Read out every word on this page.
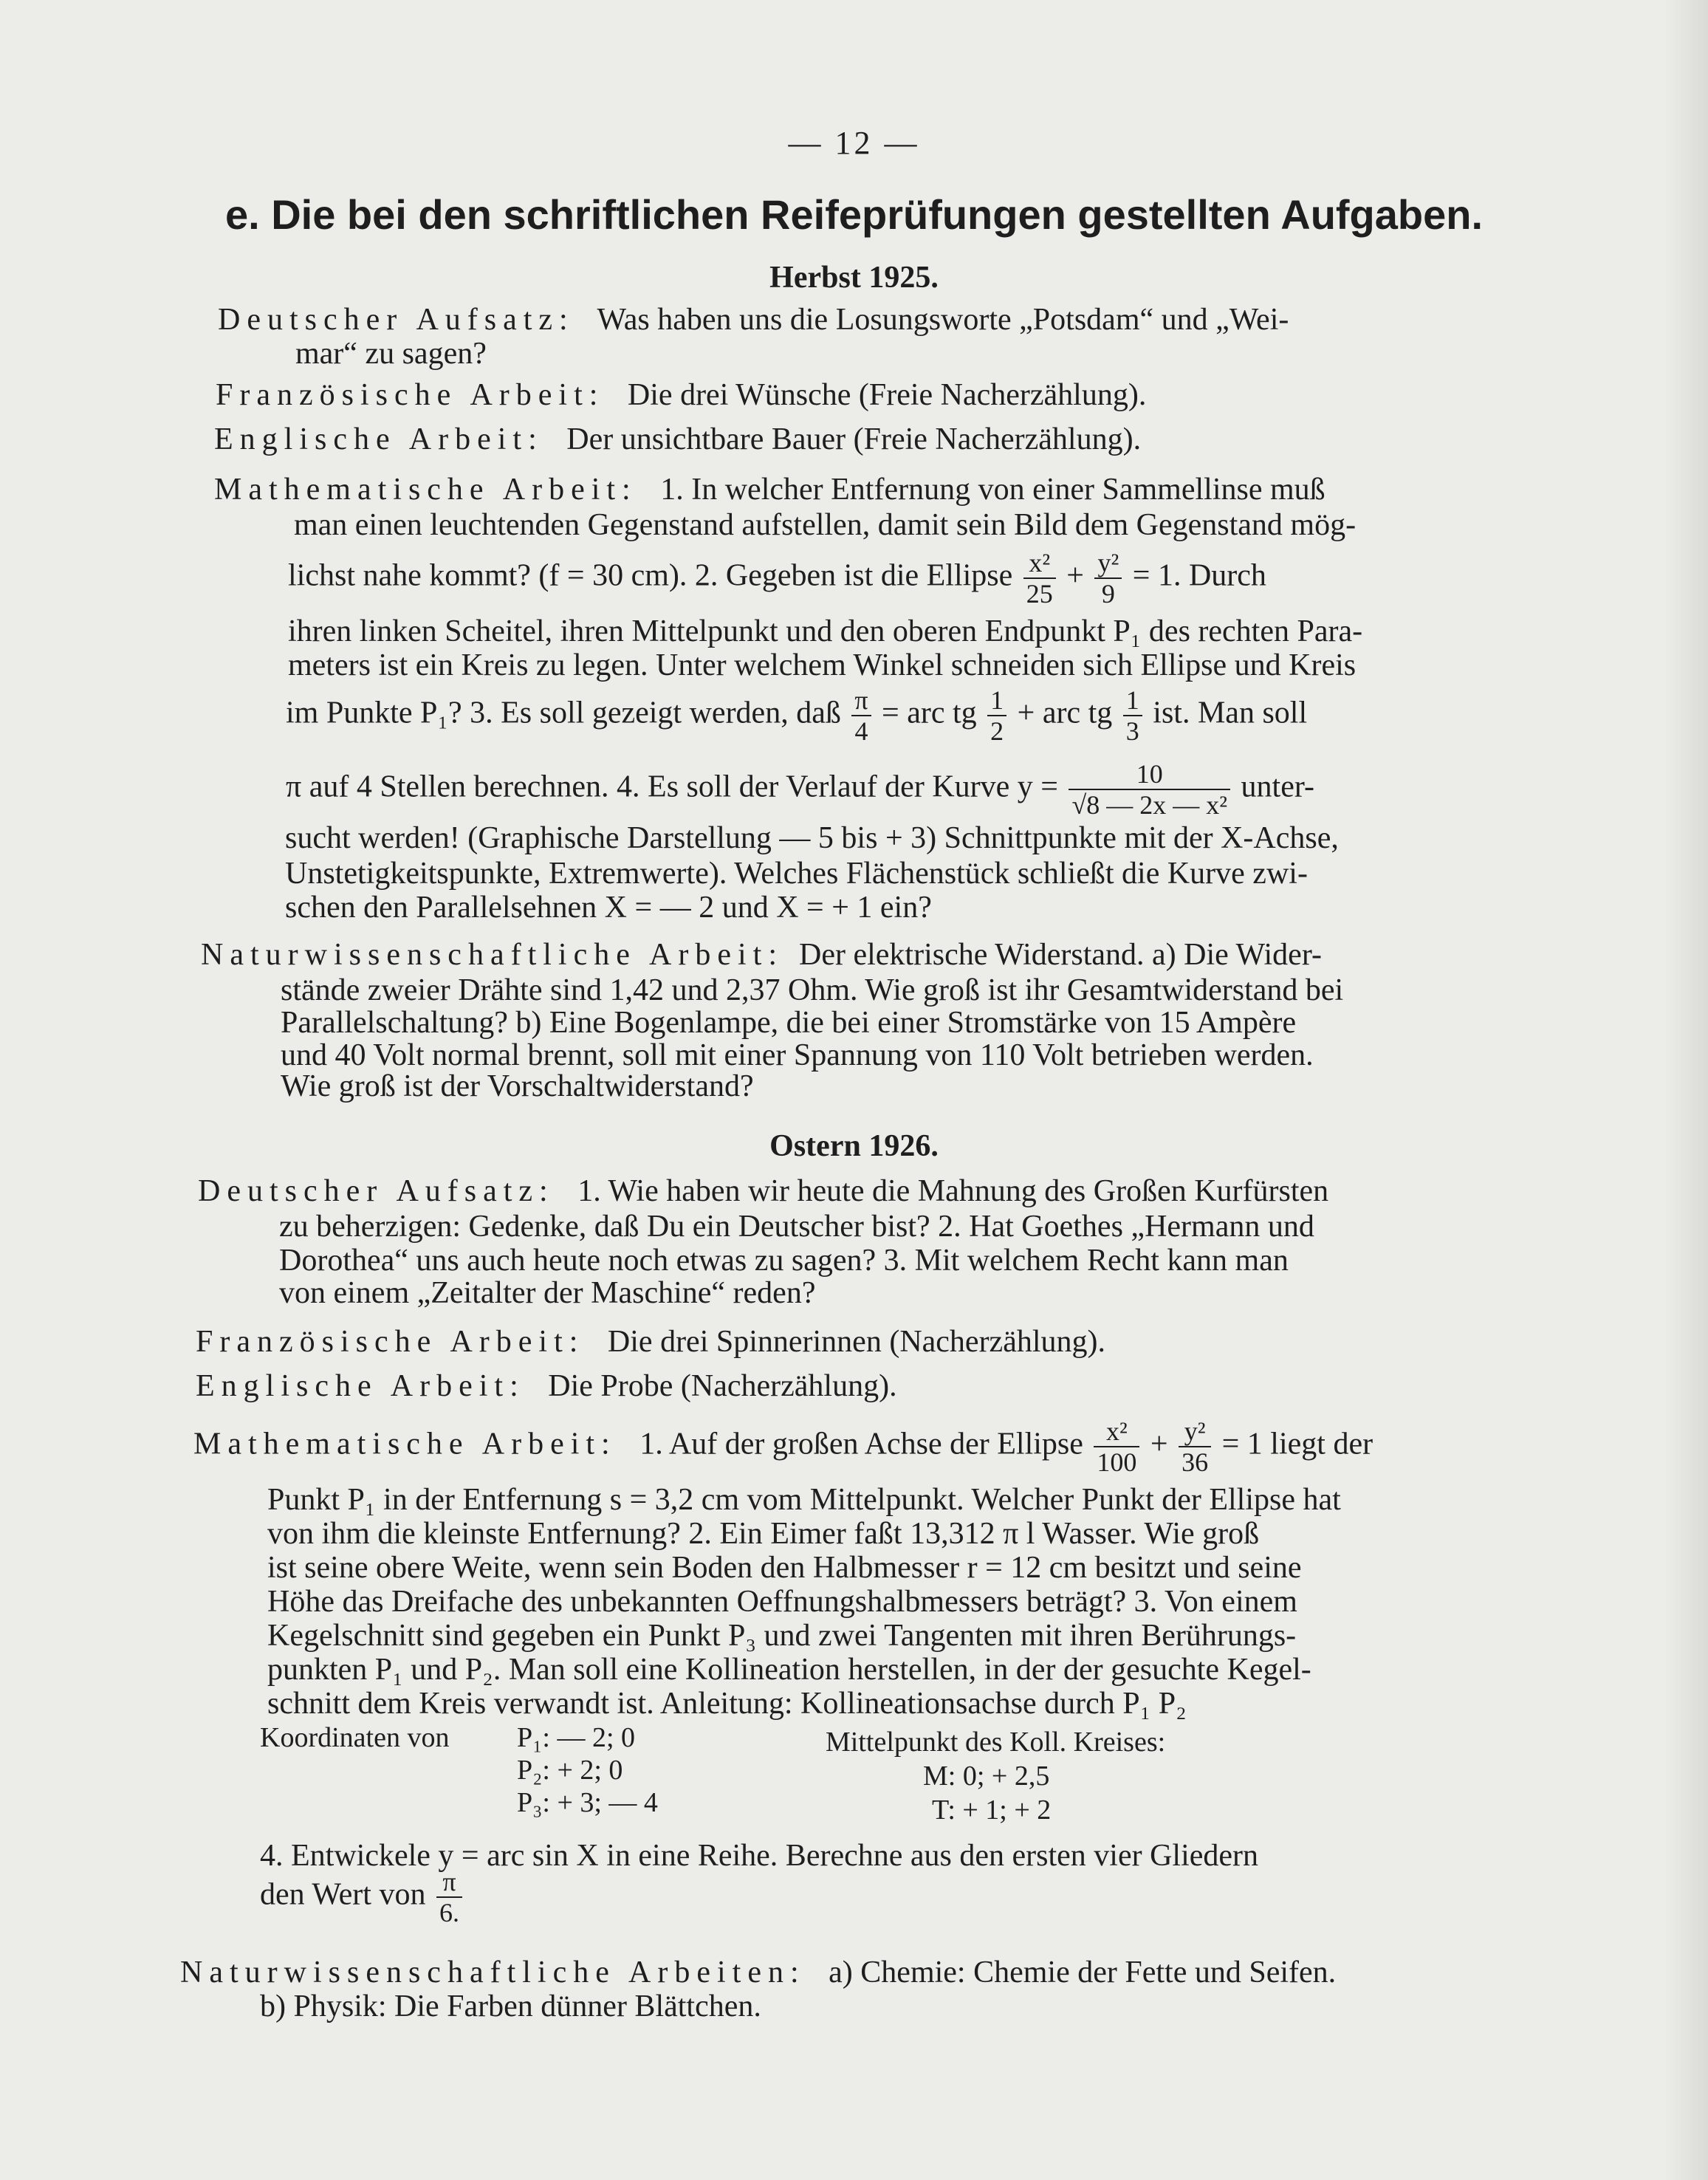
— 12 —
e. Die bei den schriftlichen Reifeprüfungen gestellten Aufgaben.
Herbst 1925.
Deutscher Aufsatz: Was haben uns die Losungsworte „Potsdam“ und „Wei-
mar“ zu sagen?
Französische Arbeit: Die drei Wünsche (Freie Nacherzählung).
Englische Arbeit: Der unsichtbare Bauer (Freie Nacherzählung).
Mathematische Arbeit: 1. In welcher Entfernung von einer Sammellinse muß
man einen leuchtenden Gegenstand aufstellen, damit sein Bild dem Gegenstand mög-
lichst nahe kommt? (f = 30 cm). 2. Gegeben ist die Ellipse $\frac{\text{x²}}{25} + \frac{\text{y²}}{9} = 1$. Durch
ihren linken Scheitel, ihren Mittelpunkt und den oberen Endpunkt P₁ des rechten Para-
meters ist ein Kreis zu legen. Unter welchem Winkel schneiden sich Ellipse und Kreis
im Punkte P₁? 3. Es soll gezeigt werden, daß $\frac{\pi}{4}$ = arc tg $\frac{1}{2}$ + arc tg $\frac{1}{3}$ ist. Man soll
π auf 4 Stellen berechnen. 4. Es soll der Verlauf der Kurve $y = \frac{10}{\text{√8 — 2x — x²}}$ unter-
sucht werden! (Graphische Darstellung — 5 bis + 3) Schnittpunkte mit der X-Achse,
Unstetigkeitspunkte, Extremwerte). Welches Flächenstück schließt die Kurve zwi-
schen den Parallelsehnen X = — 2 und X = + 1 ein?
Naturwissenschaftliche Arbeit: Der elektrische Widerstand. a) Die Wider-
stände zweier Drähte sind 1,42 und 2,37 Ohm. Wie groß ist ihr Gesamtwiderstand bei
Parallelschaltung? b) Eine Bogenlampe, die bei einer Stromstärke von 15 Ampère
und 40 Volt normal brennt, soll mit einer Spannung von 110 Volt betrieben werden.
Wie groß ist der Vorschaltwiderstand?
Ostern 1926.
Deutscher Aufsatz: 1. Wie haben wir heute die Mahnung des Großen Kurfürsten
zu beherzigen: Gedenke, daß Du ein Deutscher bist? 2. Hat Goethes „Hermann und
Dorothea“ uns auch heute noch etwas zu sagen? 3. Mit welchem Recht kann man
von einem „Zeitalter der Maschine“ reden?
Französische Arbeit: Die drei Spinnerinnen (Nacherzählung).
Englische Arbeit: Die Probe (Nacherzählung).
Mathematische Arbeit: 1. Auf der großen Achse der Ellipse $\frac{\text{x²}}{100} + \frac{\text{y²}}{36} = 1$ liegt der
Punkt P₁ in der Entfernung s = 3,2 cm vom Mittelpunkt. Welcher Punkt der Ellipse hat
von ihm die kleinste Entfernung? 2. Ein Eimer faßt 13,312 π l Wasser. Wie groß
ist seine obere Weite, wenn sein Boden den Halbmesser r = 12 cm besitzt und seine
Höhe das Dreifache des unbekannten Oeffnungshalbmessers beträgt? 3. Von einem
Kegelschnitt sind gegeben ein Punkt P₃ und zwei Tangenten mit ihren Berührungs-
punkten P₁ und P₂. Man soll eine Kollineation herstellen, in der der gesuchte Kegel-
schnitt dem Kreis verwandt ist. Anleitung: Kollineationsachse durch P₁ P₂
Koordinaten von P₁: — 2; 0
P₂: + 2; 0
P₃: + 3; — 4
Mittelpunkt des Koll. Kreises:
M: 0; + 2,5
T: + 1; + 2
4. Entwickele y = arc sin X in eine Reihe. Berechne aus den ersten vier Gliedern
den Wert von $\frac{\pi}{6.}$
Naturwissenschaftliche Arbeiten: a) Chemie: Chemie der Fette und Seifen.
b) Physik: Die Farben dünner Blättchen.
